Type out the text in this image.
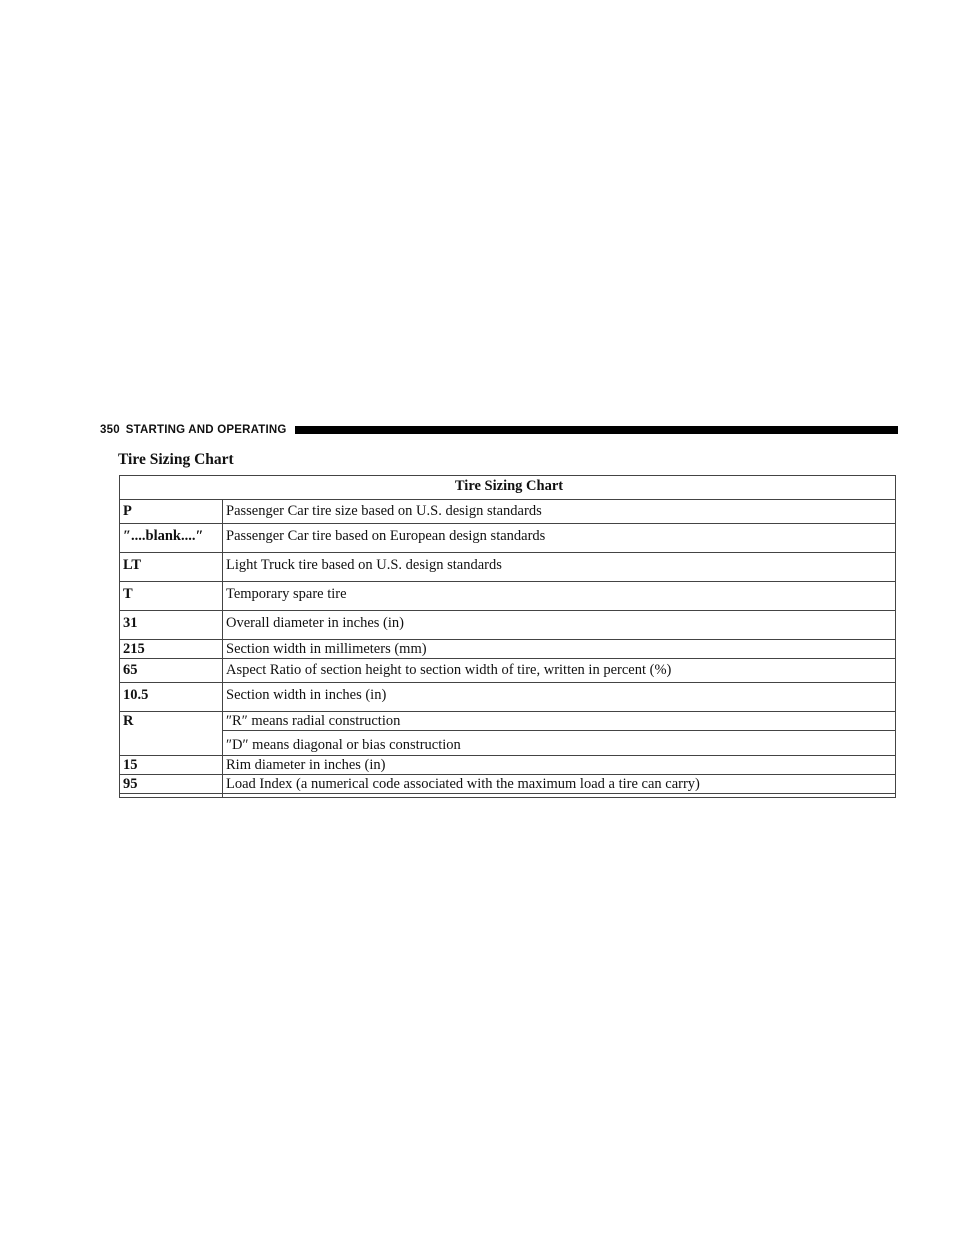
350 STARTING AND OPERATING
Tire Sizing Chart
Tire Sizing Chart	
P	Passenger Car tire size based on U.S. design standards
″....blank....″	Passenger Car tire based on European design standards
LT	Light Truck tire based on U.S. design standards
T	Temporary spare tire
31	Overall diameter in inches (in)
215	Section width in millimeters (mm)
65	Aspect Ratio of section height to section width of tire, written in percent (%)
10.5	Section width in inches (in)
R	″R″ means radial construction
	″D″ means diagonal or bias construction
15	Rim diameter in inches (in)
95	Load Index (a numerical code associated with the maximum load a tire can carry)
